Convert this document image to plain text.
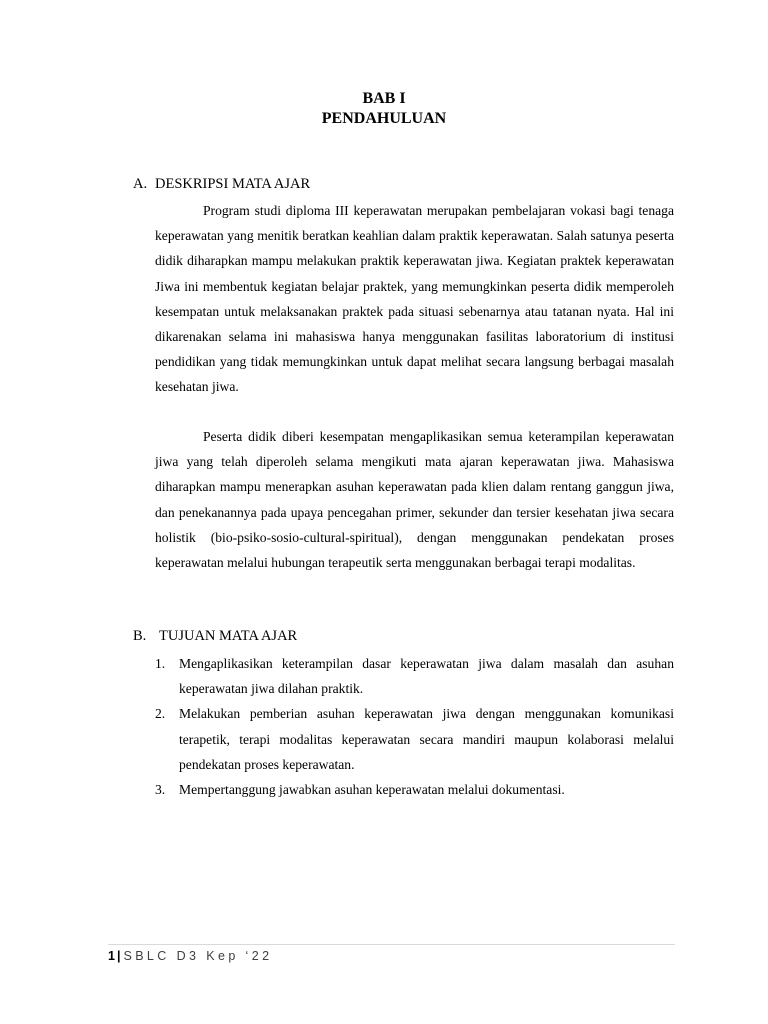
BAB I
PENDAHULUAN
A. DESKRIPSI MATA AJAR

Program studi diploma III keperawatan merupakan pembelajaran vokasi bagi tenaga keperawatan yang menitik beratkan keahlian dalam praktik keperawatan. Salah satunya peserta didik diharapkan mampu melakukan praktik keperawatan jiwa. Kegiatan praktek keperawatan Jiwa ini membentuk kegiatan belajar praktek, yang memungkinkan peserta didik memperoleh kesempatan untuk melaksanakan praktek pada situasi sebenarnya atau tatanan nyata. Hal ini dikarenakan selama ini mahasiswa hanya menggunakan fasilitas laboratorium di institusi pendidikan yang tidak memungkinkan untuk dapat melihat secara langsung berbagai masalah kesehatan jiwa.

Peserta didik diberi kesempatan mengaplikasikan semua keterampilan keperawatan jiwa yang telah diperoleh selama mengikuti mata ajaran keperawatan jiwa. Mahasiswa diharapkan mampu menerapkan asuhan keperawatan pada klien dalam rentang ganggun jiwa, dan penekanannya pada upaya pencegahan primer, sekunder dan tersier kesehatan jiwa secara holistik (bio-psiko-sosio-cultural-spiritual), dengan menggunakan pendekatan proses keperawatan melalui hubungan terapeutik serta menggunakan berbagai terapi modalitas.

B. TUJUAN MATA AJAR
1. Mengaplikasikan keterampilan dasar keperawatan jiwa dalam masalah dan asuhan keperawatan jiwa dilahan praktik.
2. Melakukan pemberian asuhan keperawatan jiwa dengan menggunakan komunikasi terapetik, terapi modalitas keperawatan secara mandiri maupun kolaborasi melalui pendekatan proses keperawatan.
3. Mempertanggung jawabkan asuhan keperawatan melalui dokumentasi.
1 | SBLC D3 Kep ‘22
